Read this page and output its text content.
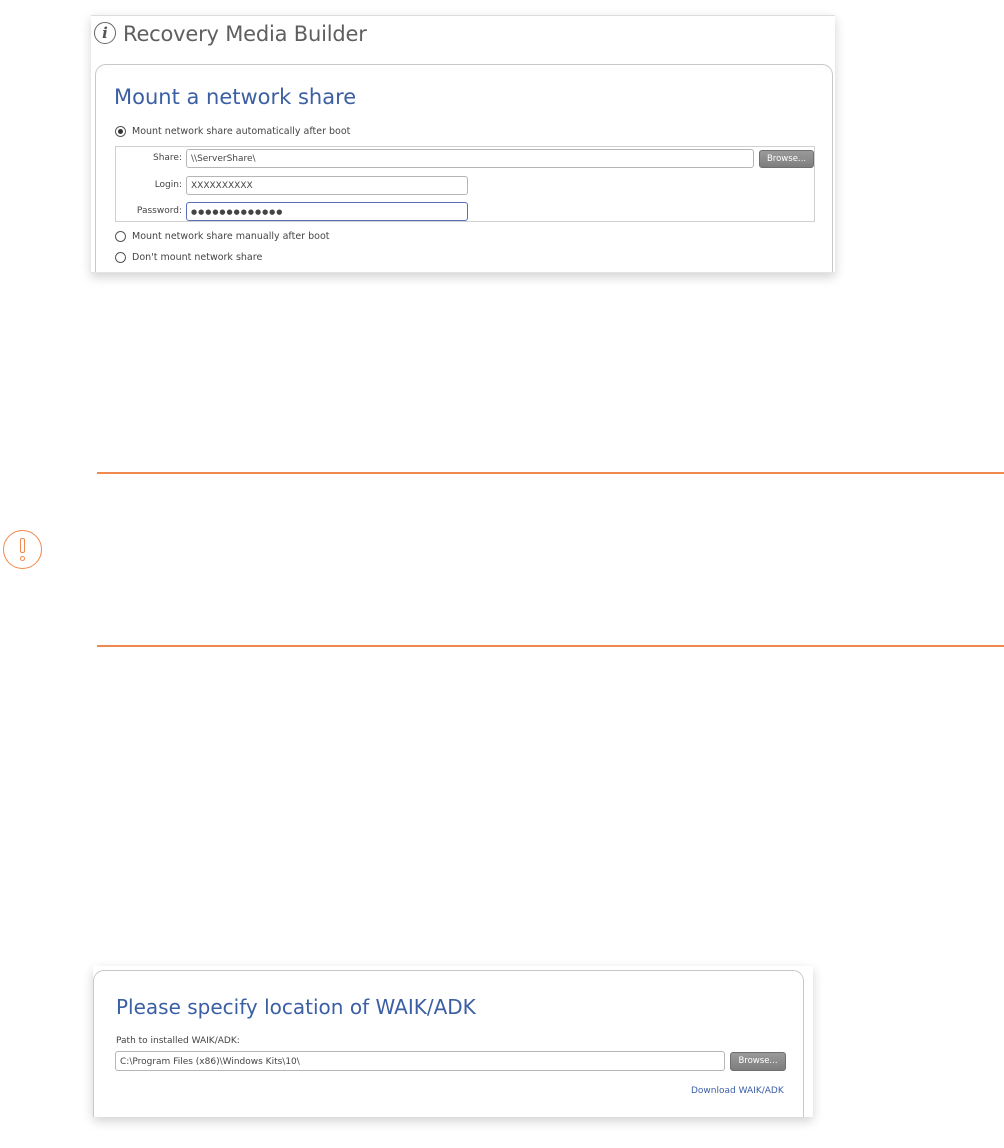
i Recovery Media Builder
Mount a network share
Mount network share automatically after boot
Share:	\\ServerShare\	Browse...
Login:	XXXXXXXXXX
Password:	●●●●●●●●●●●●●
Mount network share manually after boot
Don't mount network share
Please specify location of WAIK/ADK
Path to installed WAIK/ADK:
C:\Program Files (x86)\Windows Kits\10\	Browse...
Download WAIK/ADK
